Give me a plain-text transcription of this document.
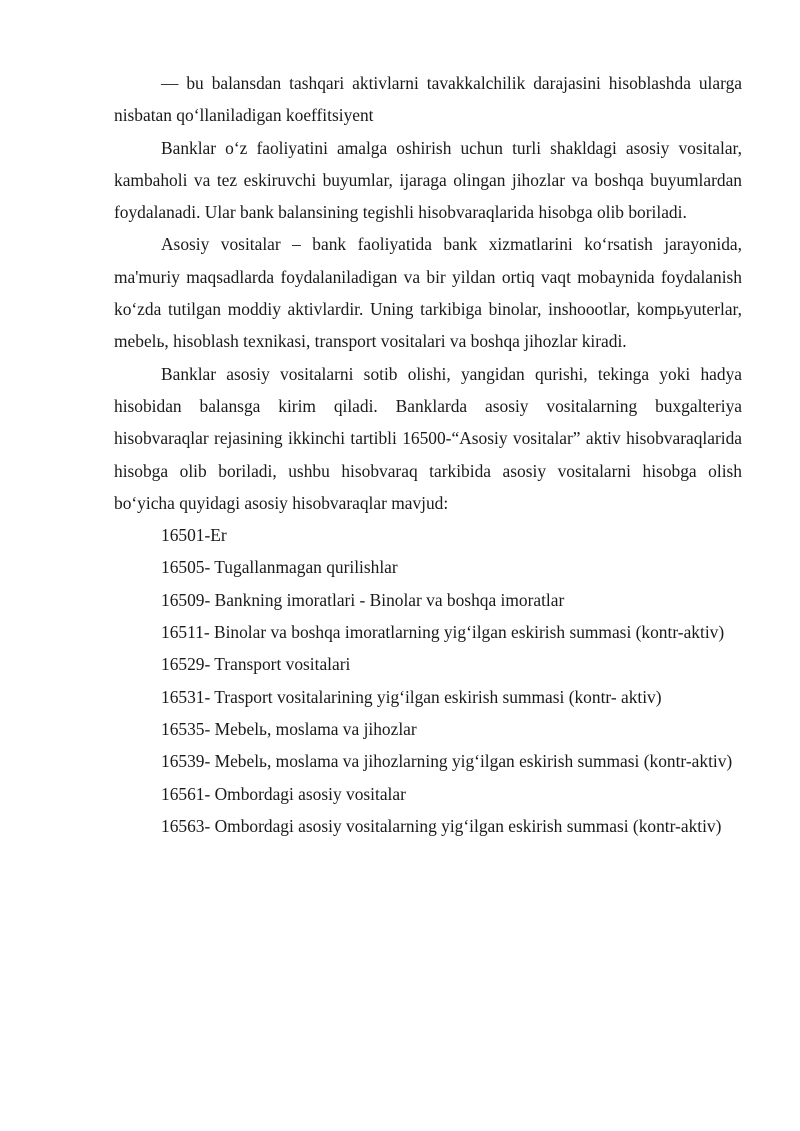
— bu balansdan tashqari aktivlarni tavakkalchilik darajasini hisoblashda ularga nisbatan qo‘llaniladigan koeffitsiyent

Banklar o‘z faoliyatini amalga oshirish uchun turli shakldagi asosiy vositalar, kambaholi va tez eskiruvchi buyumlar, ijaraga olingan jihozlar va boshqa buyumlardan foydalanadi. Ular bank balansining tegishli hisobvaraqlarida hisobga olib boriladi.

Asosiy vositalar – bank faoliyatida bank xizmatlarini ko‘rsatish jarayonida, ma'muriy maqsadlarda foydalaniladigan va bir yildan ortiq vaqt mobaynida foydalanish ko‘zda tutilgan moddiy aktivlardir. Uning tarkibiga binolar, inshoootlar, kompьyuterlar, mebelь, hisoblash texnikasi, transport vositalari va boshqa jihozlar kiradi.

Banklar asosiy vositalarni sotib olishi, yangidan qurishi, tekinga yoki hadya hisobidan balansga kirim qiladi. Banklarda asosiy vositalarning buxgalteriya hisobvaraqlar rejasining ikkinchi tartibli 16500-“Asosiy vositalar” aktiv hisobvaraqlarida hisobga olib boriladi, ushbu hisobvaraq tarkibida asosiy vositalarni hisobga olish bo‘yicha quyidagi asosiy hisobvaraqlar mavjud:

16501-Er
16505- Tugallanmagan qurilishlar
16509- Bankning imoratlari - Binolar va boshqa imoratlar
16511- Binolar va boshqa imoratlarning yig‘ilgan eskirish summasi (kontr-aktiv)
16529- Transport vositalari
16531- Trasport vositalarining yig‘ilgan eskirish summasi (kontr- aktiv)
16535- Mebelь, moslama va jihozlar
16539- Mebelь, moslama va jihozlarning yig‘ilgan eskirish summasi (kontr-aktiv)
16561- Ombordagi asosiy vositalar
16563- Ombordagi asosiy vositalarning yig‘ilgan eskirish summasi (kontr-aktiv)
